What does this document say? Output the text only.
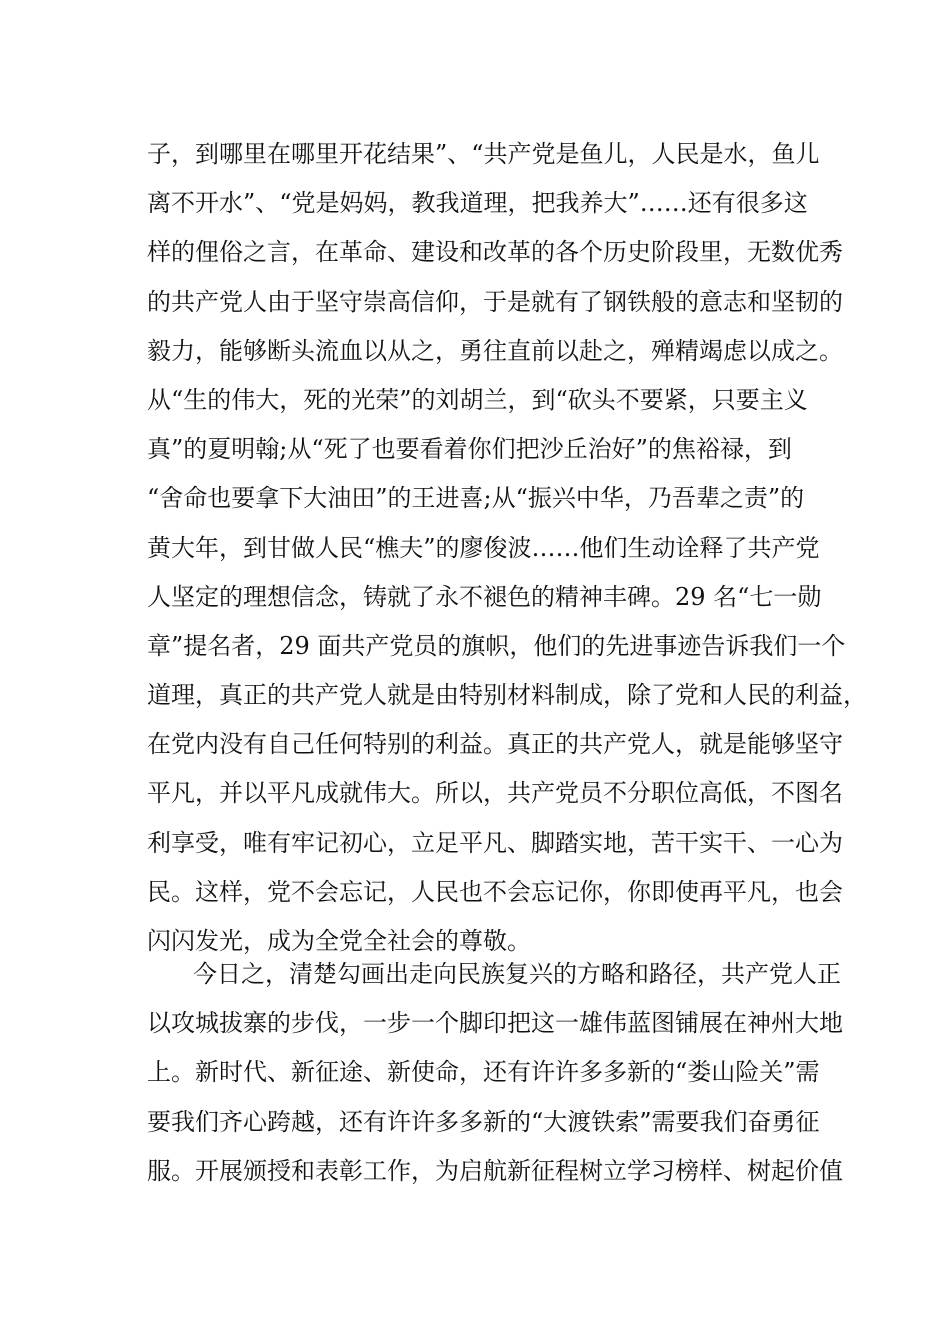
子，到哪里在哪里开花结果”、“共产党是鱼儿，人民是水，鱼儿
离不开水”、“党是妈妈，教我道理，把我养大”……还有很多这
样的俚俗之言，在革命、建设和改革的各个历史阶段里，无数优秀
的共产党人由于坚守崇高信仰，于是就有了钢铁般的意志和坚韧的
毅力，能够断头流血以从之，勇往直前以赴之，殚精竭虑以成之。
从“生的伟大，死的光荣”的刘胡兰，到“砍头不要紧，只要主义
真”的夏明翰;从“死了也要看着你们把沙丘治好”的焦裕禄，到
“舍命也要拿下大油田”的王进喜;从“振兴中华，乃吾辈之责”的
黄大年，到甘做人民“樵夫”的廖俊波……他们生动诠释了共产党
人坚定的理想信念，铸就了永不褪色的精神丰碑。29 名“七一勋
章”提名者，29 面共产党员的旗帜，他们的先进事迹告诉我们一个
道理，真正的共产党人就是由特别材料制成，除了党和人民的利益，
在党内没有自己任何特别的利益。真正的共产党人，就是能够坚守
平凡，并以平凡成就伟大。所以，共产党员不分职位高低，不图名
利享受，唯有牢记初心，立足平凡、脚踏实地，苦干实干、一心为
民。这样，党不会忘记，人民也不会忘记你，你即使再平凡，也会
闪闪发光，成为全党全社会的尊敬。
今日之，清楚勾画出走向民族复兴的方略和路径，共产党人正
以攻城拔寨的步伐，一步一个脚印把这一雄伟蓝图铺展在神州大地
上。新时代、新征途、新使命，还有许许多多新的“娄山险关”需
要我们齐心跨越，还有许许多多新的“大渡铁索”需要我们奋勇征
服。开展颁授和表彰工作，为启航新征程树立学习榜样、树起价值
